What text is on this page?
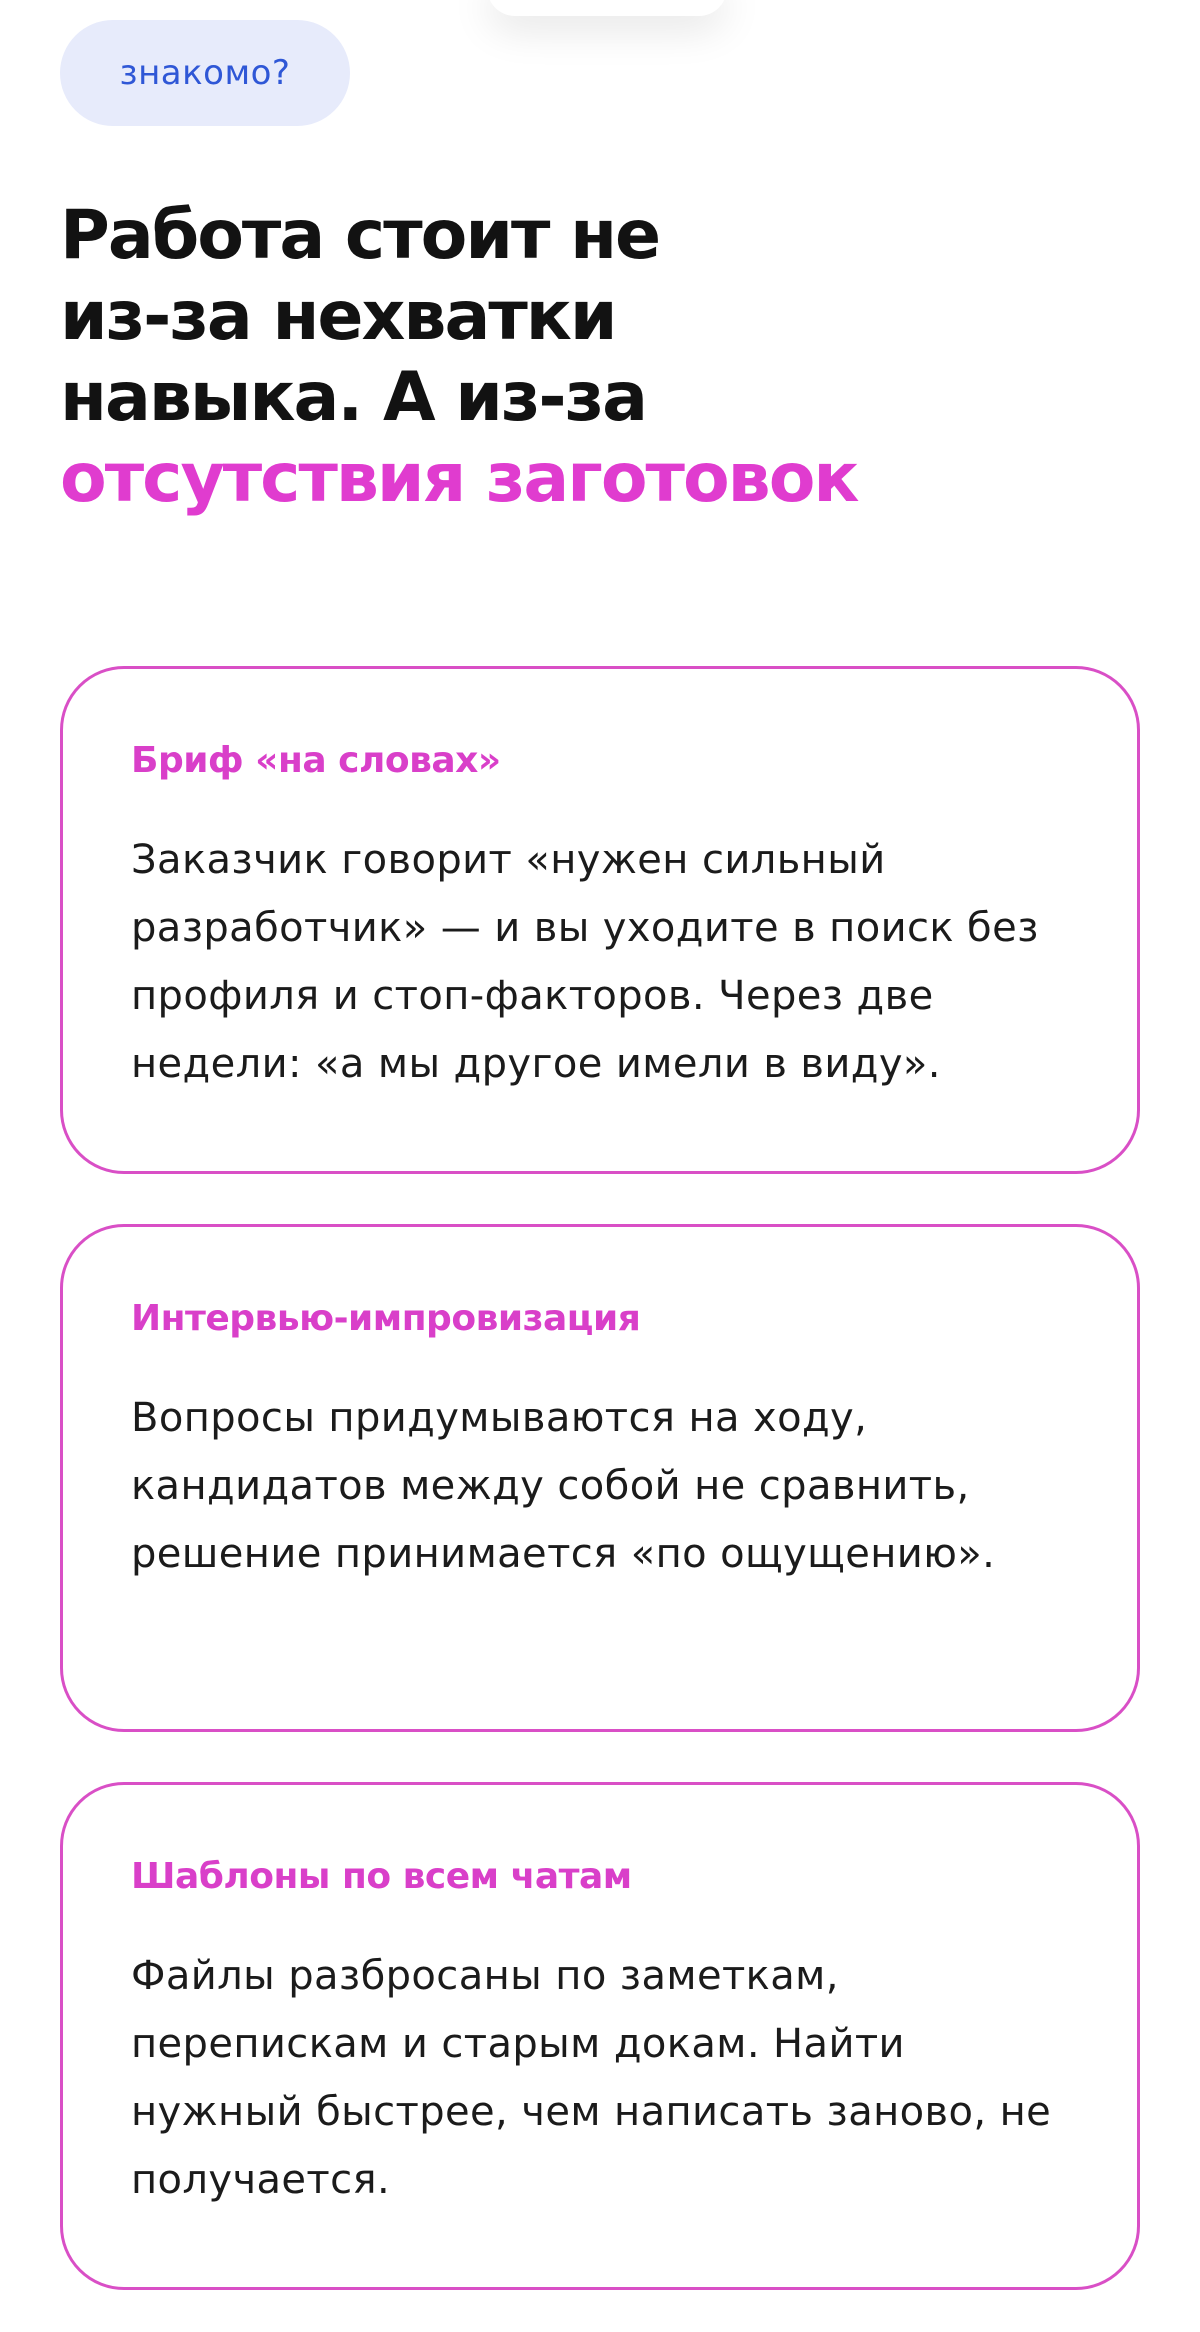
знакомо?
Работа стоит не
из-за нехватки
навыка. А из-за
отсутствия заготовок
Бриф «на словах»
Заказчик говорит «нужен сильный разработчик» — и вы уходите в поиск без профиля и стоп-факторов. Через две недели: «а мы другое имели в виду».
Интервью-импровизация
Вопросы придумываются на ходу, кандидатов между собой не сравнить, решение принимается «по ощущению».
Шаблоны по всем чатам
Файлы разбросаны по заметкам, перепискам и старым докам. Найти нужный быстрее, чем написать заново, не получается.
